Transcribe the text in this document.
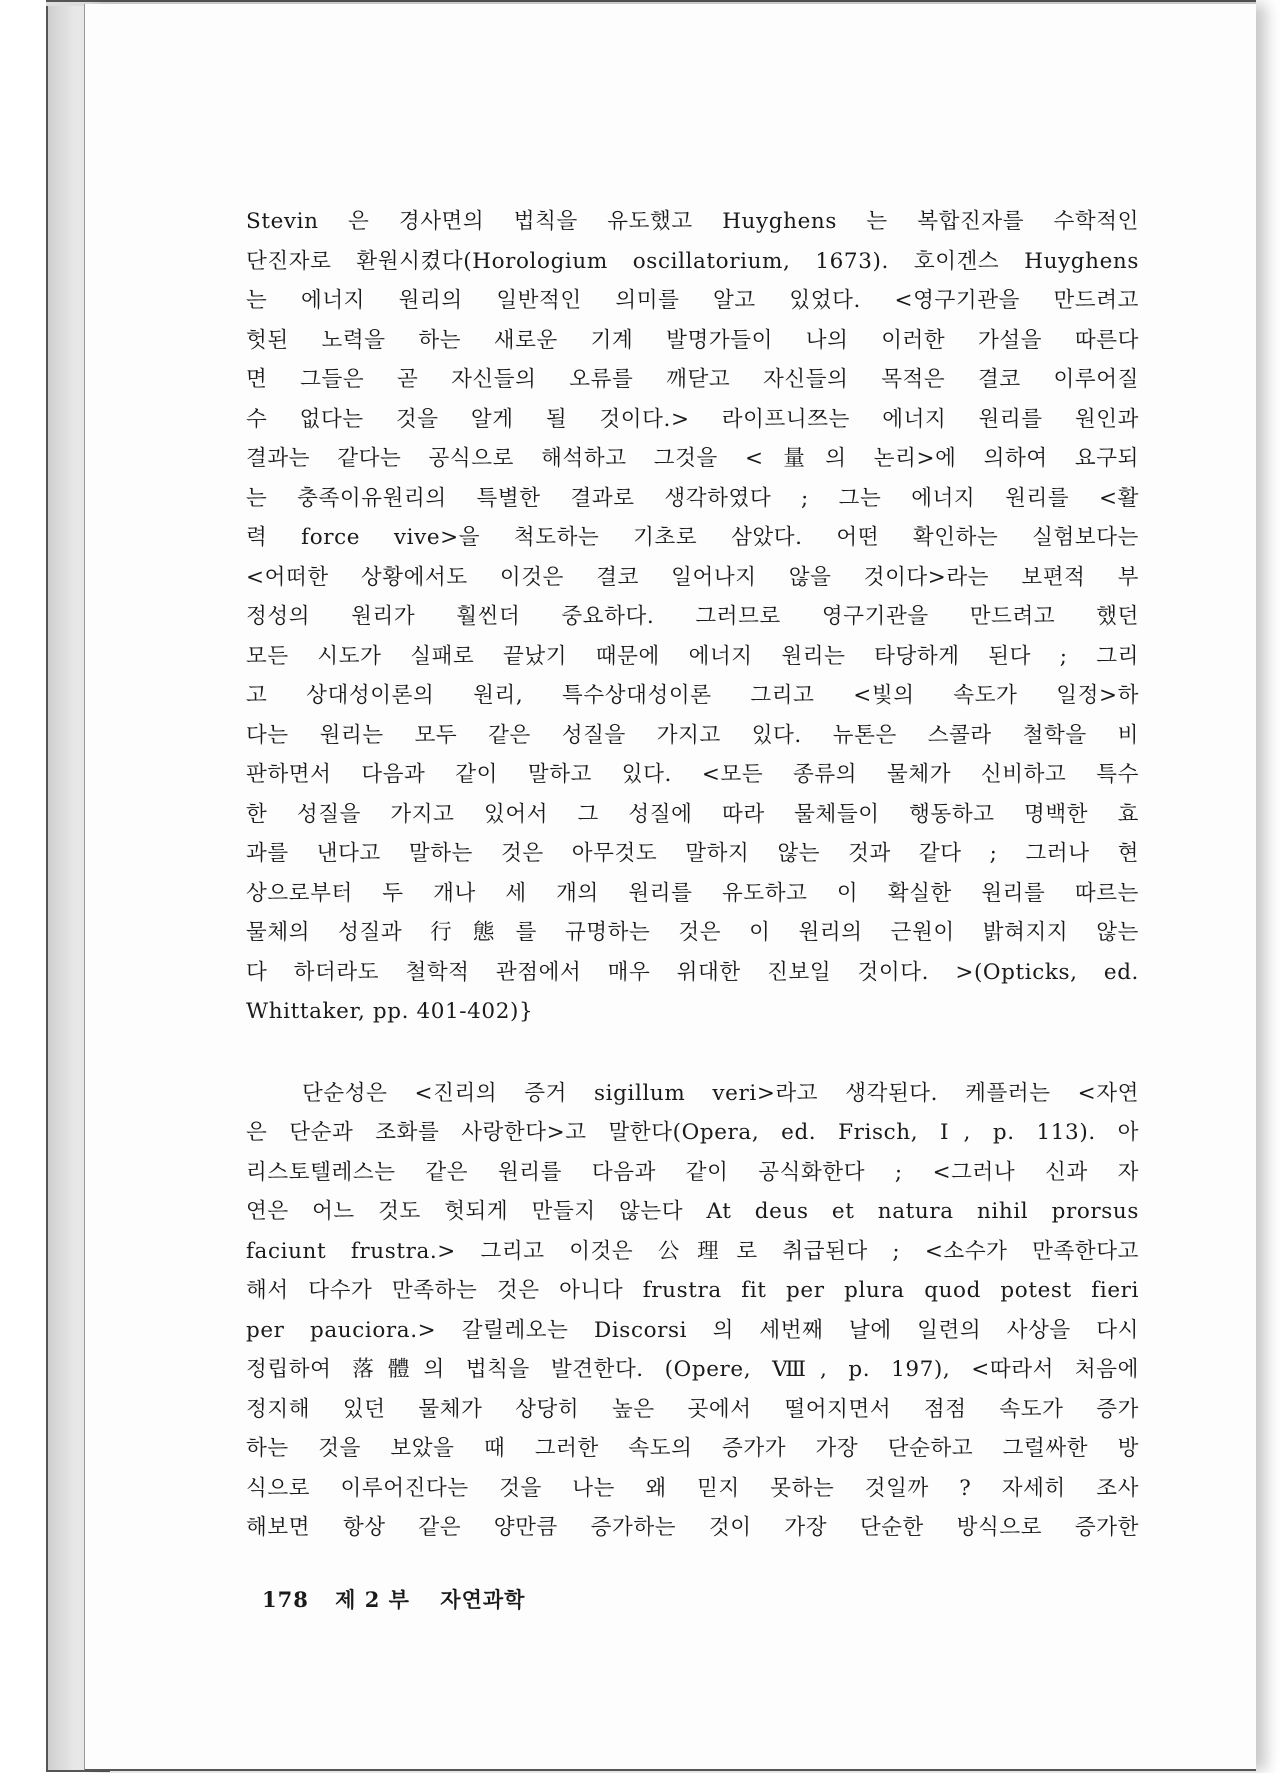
Stevin 은 경사면의 법칙을 유도했고 Huyghens 는 복합진자를 수학적인
단진자로 환원시켰다(Horologium oscillatorium, 1673). 호이겐스 Huyghens
는 에너지 원리의 일반적인 의미를 알고 있었다. <영구기관을 만드려고
헛된 노력을 하는 새로운 기계 발명가들이 나의 이러한 가설을 따른다
면 그들은 곧 자신들의 오류를 깨닫고 자신들의 목적은 결코 이루어질
수 없다는 것을 알게 될 것이다.> 라이프니쯔는 에너지 원리를 원인과
결과는 같다는 공식으로 해석하고 그것을 <量의 논리>에 의하여 요구되
는 충족이유원리의 특별한 결과로 생각하였다 ; 그는 에너지 원리를 <활
력 force vive>을 척도하는 기초로 삼았다. 어떤 확인하는 실험보다는
<어떠한 상황에서도 이것은 결코 일어나지 않을 것이다>라는 보편적 부
정성의 원리가 훨씬더 중요하다. 그러므로 영구기관을 만드려고 했던
모든 시도가 실패로 끝났기 때문에 에너지 원리는 타당하게 된다 ; 그리
고 상대성이론의 원리, 특수상대성이론 그리고 <빛의 속도가 일정>하
다는 원리는 모두 같은 성질을 가지고 있다. 뉴톤은 스콜라 철학을 비
판하면서 다음과 같이 말하고 있다. <모든 종류의 물체가 신비하고 특수
한 성질을 가지고 있어서 그 성질에 따라 물체들이 행동하고 명백한 효
과를 낸다고 말하는 것은 아무것도 말하지 않는 것과 같다 ; 그러나 현
상으로부터 두 개나 세 개의 원리를 유도하고 이 확실한 원리를 따르는
물체의 성질과 行態를 규명하는 것은 이 원리의 근원이 밝혀지지 않는
다 하더라도 철학적 관점에서 매우 위대한 진보일 것이다. >(Opticks, ed.
Whittaker, pp. 401-402)}
단순성은 <진리의 증거 sigillum veri>라고 생각된다. 케플러는 <자연
은 단순과 조화를 사랑한다>고 말한다(Opera, ed. Frisch, Ⅰ, p. 113). 아
리스토텔레스는 같은 원리를 다음과 같이 공식화한다 ; <그러나 신과 자
연은 어느 것도 헛되게 만들지 않는다 At deus et natura nihil prorsus
faciunt frustra.> 그리고 이것은 公理로 취급된다 ; <소수가 만족한다고
해서 다수가 만족하는 것은 아니다 frustra fit per plura quod potest fieri
per pauciora.> 갈릴레오는 Discorsi 의 세번째 날에 일련의 사상을 다시
정립하여 落體의 법칙을 발견한다. (Opere, Ⅷ, p. 197), <따라서 처음에
정지해 있던 물체가 상당히 높은 곳에서 떨어지면서 점점 속도가 증가
하는 것을 보았을 때 그러한 속도의 증가가 가장 단순하고 그럴싸한 방
식으로 이루어진다는 것을 나는 왜 믿지 못하는 것일까 ? 자세히 조사
해보면 항상 같은 양만큼 증가하는 것이 가장 단순한 방식으로 증가한
178 제 2 부 자연과학
